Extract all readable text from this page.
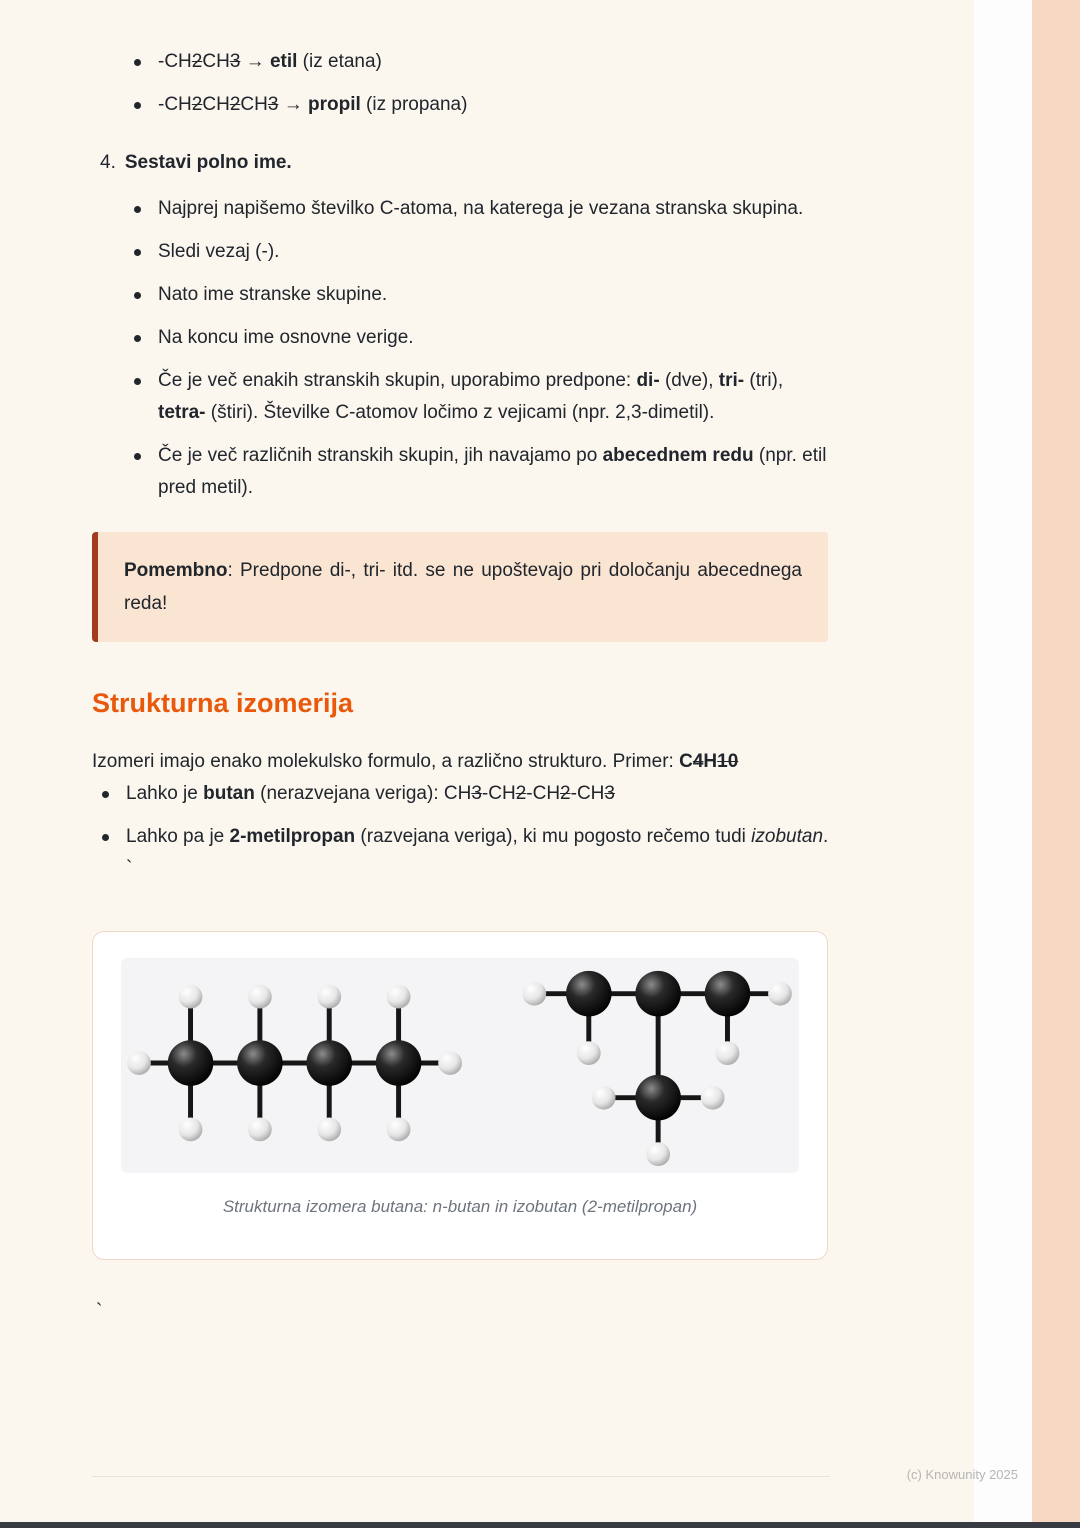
-CH2CH3 → etil (iz etana)
-CH2CH2CH3 → propil (iz propana)
4. Sestavi polno ime.
Najprej napišemo številko C-atoma, na katerega je vezana stranska skupina.
Sledi vezaj (-).
Nato ime stranske skupine.
Na koncu ime osnovne verige.
Če je več enakih stranskih skupin, uporabimo predpone: di- (dve), tri- (tri), tetra- (štiri). Številke C-atomov ločimo z vejicami (npr. 2,3-dimetil).
Če je več različnih stranskih skupin, jih navajamo po abecednem redu (npr. etil pred metil).

Pomembno: Predpone di-, tri- itd. se ne upoštevajo pri določanju abecednega reda!

Strukturna izomerija

Izomeri imajo enako molekulsko formulo, a različno strukturo. Primer: C4H10

Lahko je butan (nerazvejana veriga): CH3-CH2-CH2-CH3
Lahko pa je 2-metilpropan (razvejana veriga), ki mu pogosto rečemo tudi izobutan. `

Strukturna izomera butana: n-butan in izobutan (2-metilpropan)

`

(c) Knowunity 2025
